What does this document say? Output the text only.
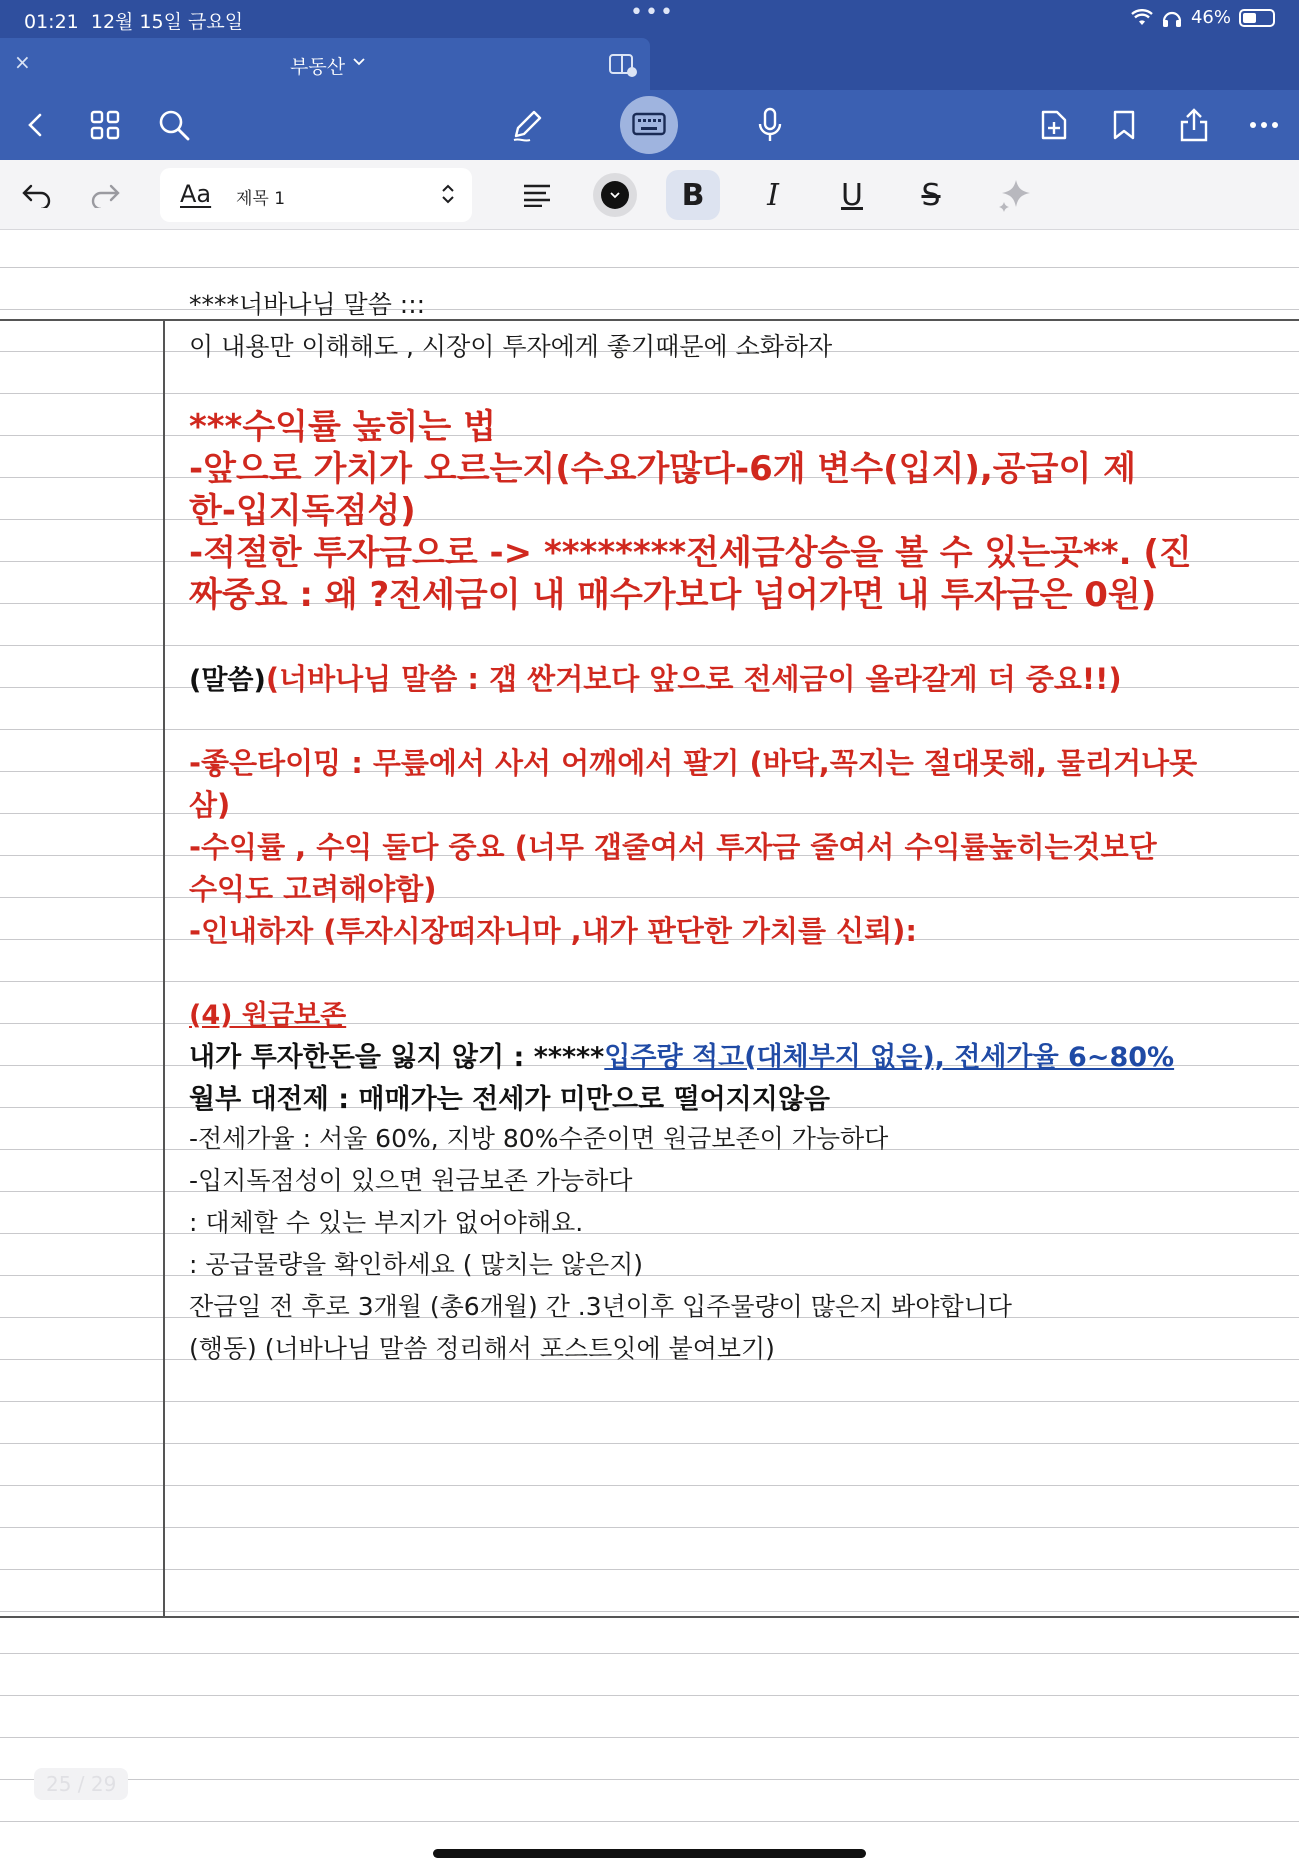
01:21 12월 15일 금요일	•••	46%
×	부동산
Aa 제목 1	B I U S
****너바나님 말씀 :::
이 내용만 이해해도 , 시장이 투자에게 좋기때문에 소화하자
***수익률 높히는 법
-앞으로 가치가 오르는지(수요가많다-6개 변수(입지),공급이 제
한-입지독점성)
-적절한 투자금으로 -> ********전세금상승을 볼 수 있는곳**. (진
짜중요 : 왜 ?전세금이 내 매수가보다 넘어가면 내 투자금은 0원)
(말씀)(너바나님 말씀 : 갭 싼거보다 앞으로 전세금이 올라갈게 더 중요!!)
-좋은타이밍 : 무릎에서 사서 어깨에서 팔기 (바닥,꼭지는 절대못해, 물리거나못
삼)
-수익률 , 수익 둘다 중요 (너무 갭줄여서 투자금 줄여서 수익률높히는것보단
수익도 고려해야함)
-인내하자 (투자시장떠자니마 ,내가 판단한 가치를 신뢰):
(4) 원금보존
내가 투자한돈을 잃지 않기 : *****입주량 적고(대체부지 없음), 전세가율 6~80%
월부 대전제 : 매매가는 전세가 미만으로 떨어지지않음
-전세가율 : 서울 60%, 지방 80%수준이면 원금보존이 가능하다
-입지독점성이 있으면 원금보존 가능하다
: 대체할 수 있는 부지가 없어야해요.
: 공급물량을 확인하세요 ( 많치는 않은지)
잔금일 전 후로 3개월 (총6개월) 간 .3년이후 입주물량이 많은지 봐야합니다
(행동) (너바나님 말씀 정리해서 포스트잇에 붙여보기)
25 / 29
